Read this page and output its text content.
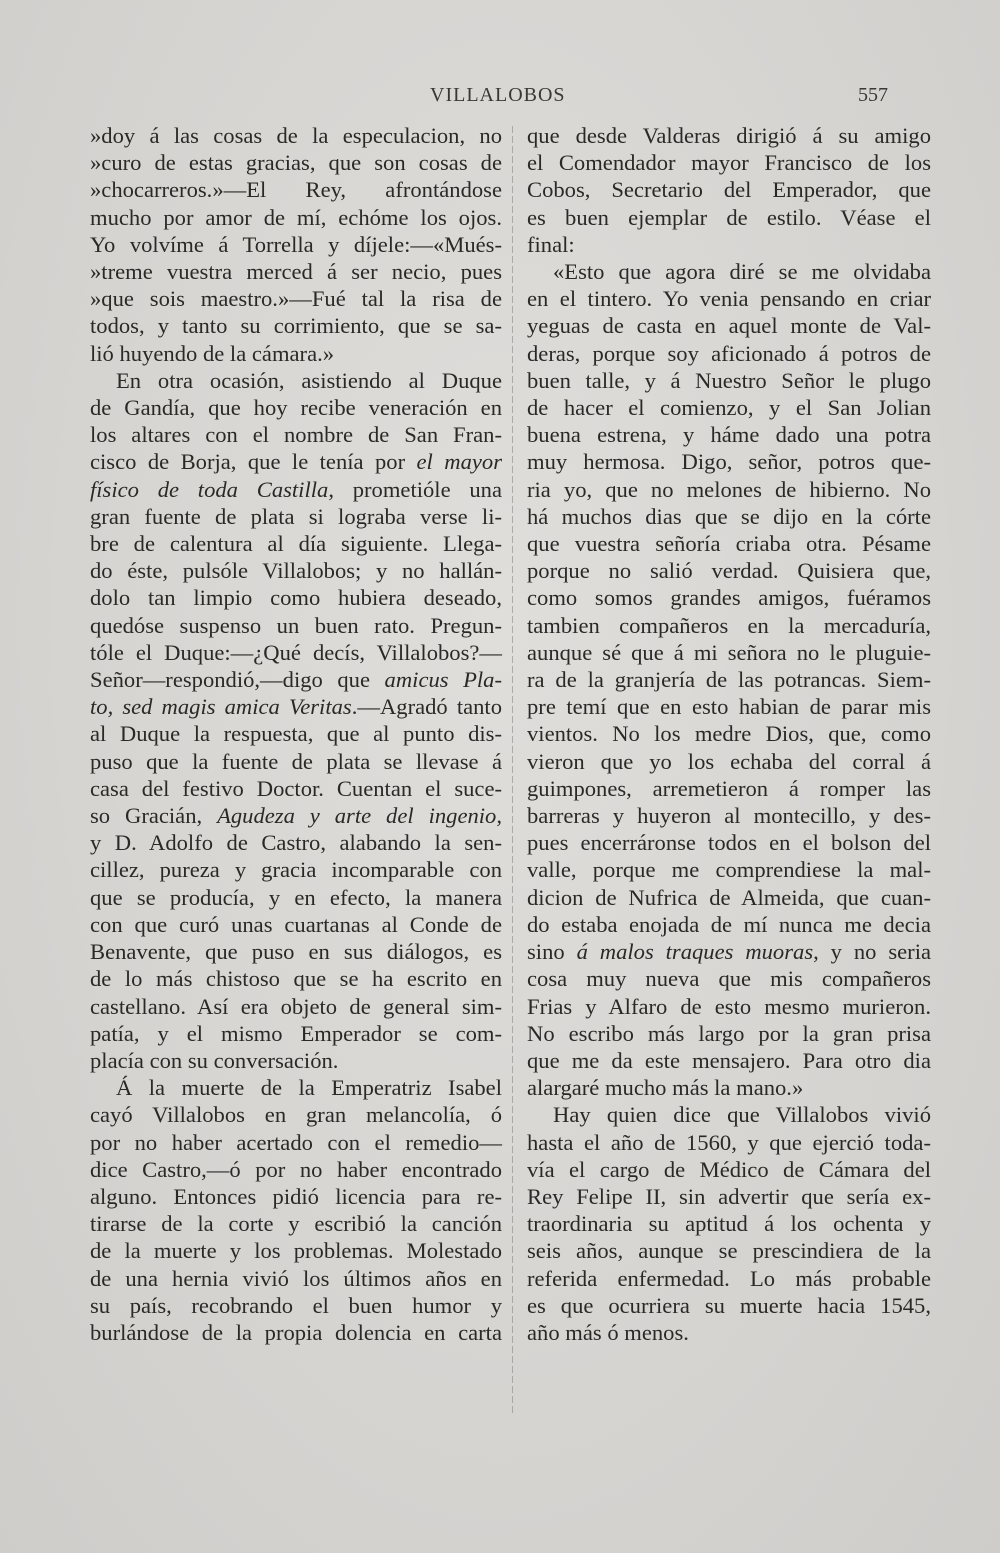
VILLALOBOS	557

»doy á las cosas de la especulacion, no
»curo de estas gracias, que son cosas de
»chocarreros.»—El Rey, afrontándose
mucho por amor de mí, echóme los ojos.
Yo volvíme á Torrella y díjele:—«Mués-
»treme vuestra merced á ser necio, pues
»que sois maestro.»—Fué tal la risa de
todos, y tanto su corrimiento, que se sa-
lió huyendo de la cámara.»

En otra ocasión, asistiendo al Duque
de Gandía, que hoy recibe veneración en
los altares con el nombre de San Fran-
cisco de Borja, que le tenía por el mayor
físico de toda Castilla, prometióle una
gran fuente de plata si lograba verse li-
bre de calentura al día siguiente. Llega-
do éste, pulsóle Villalobos; y no hallán-
dolo tan limpio como hubiera deseado,
quedóse suspenso un buen rato. Pregun-
tóle el Duque:—¿Qué decís, Villalobos?—
Señor—respondió,—digo que amicus Pla-
to, sed magis amica Veritas.—Agradó tanto
al Duque la respuesta, que al punto dis-
puso que la fuente de plata se llevase á
casa del festivo Doctor. Cuentan el suce-
so Gracián, Agudeza y arte del ingenio,
y D. Adolfo de Castro, alabando la sen-
cillez, pureza y gracia incomparable con
que se producía, y en efecto, la manera
con que curó unas cuartanas al Conde de
Benavente, que puso en sus diálogos, es
de lo más chistoso que se ha escrito en
castellano. Así era objeto de general sim-
patía, y el mismo Emperador se com-
placía con su conversación.

Á la muerte de la Emperatriz Isabel
cayó Villalobos en gran melancolía, ó
por no haber acertado con el remedio—
dice Castro,—ó por no haber encontrado
alguno. Entonces pidió licencia para re-
tirarse de la corte y escribió la canción
de la muerte y los problemas. Molestado
de una hernia vivió los últimos años en
su país, recobrando el buen humor y
burlándose de la propia dolencia en carta

que desde Valderas dirigió á su amigo
el Comendador mayor Francisco de los
Cobos, Secretario del Emperador, que
es buen ejemplar de estilo. Véase el
final:

«Esto que agora diré se me olvidaba
en el tintero. Yo venia pensando en criar
yeguas de casta en aquel monte de Val-
deras, porque soy aficionado á potros de
buen talle, y á Nuestro Señor le plugo
de hacer el comienzo, y el San Jolian
buena estrena, y háme dado una potra
muy hermosa. Digo, señor, potros que-
ria yo, que no melones de hibierno. No
há muchos dias que se dijo en la córte
que vuestra señoría criaba otra. Pésame
porque no salió verdad. Quisiera que,
como somos grandes amigos, fuéramos
tambien compañeros en la mercaduría,
aunque sé que á mi señora no le pluguie-
ra de la granjería de las potrancas. Siem-
pre temí que en esto habian de parar mis
vientos. No los medre Dios, que, como
vieron que yo los echaba del corral á
guimpones, arremetieron á romper las
barreras y huyeron al montecillo, y des-
pues encerráronse todos en el bolson del
valle, porque me comprendiese la mal-
dicion de Nufrica de Almeida, que cuan-
do estaba enojada de mí nunca me decia
sino á malos traques muoras, y no seria
cosa muy nueva que mis compañeros
Frias y Alfaro de esto mesmo murieron.
No escribo más largo por la gran prisa
que me da este mensajero. Para otro dia
alargaré mucho más la mano.»

Hay quien dice que Villalobos vivió
hasta el año de 1560, y que ejerció toda-
vía el cargo de Médico de Cámara del
Rey Felipe II, sin advertir que sería ex-
traordinaria su aptitud á los ochenta y
seis años, aunque se prescindiera de la
referida enfermedad. Lo más probable
es que ocurriera su muerte hacia 1545,
año más ó menos.
